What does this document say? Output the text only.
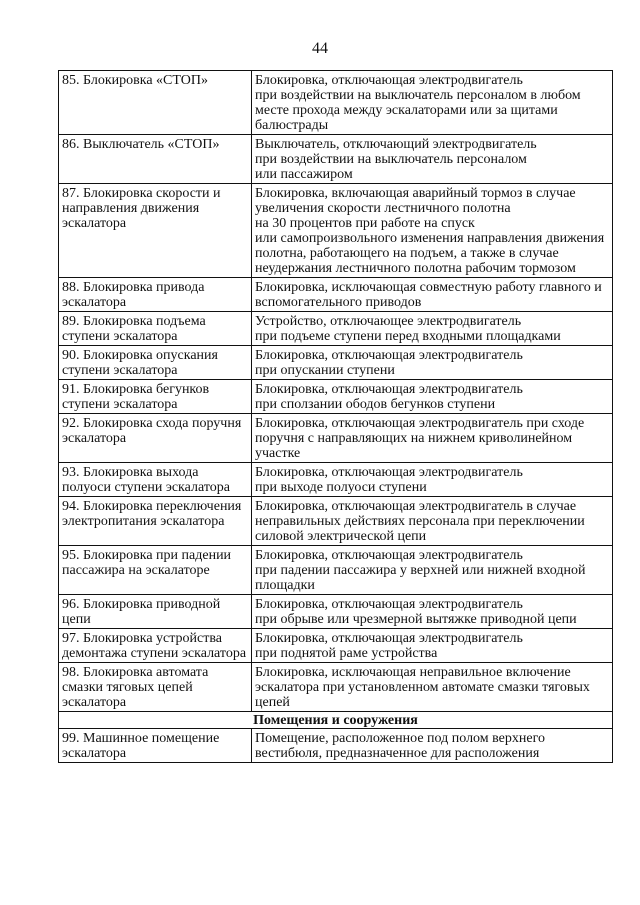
44
85. Блокировка «СТОП»	Блокировка, отключающая электродвигатель
при воздействии на выключатель персоналом в любом месте прохода между эскалаторами или за щитами балюстрады
86. Выключатель «СТОП»	Выключатель, отключающий электродвигатель
при воздействии на выключатель персоналом
или пассажиром
87. Блокировка скорости и направления движения эскалатора	Блокировка, включающая аварийный тормоз в случае увеличения скорости лестничного полотна
на 30 процентов при работе на спуск
или самопроизвольного изменения направления движения полотна, работающего на подъем, а также в случае неудержания лестничного полотна рабочим тормозом
88. Блокировка привода эскалатора	Блокировка, исключающая совместную работу главного и вспомогательного приводов
89. Блокировка подъема ступени эскалатора	Устройство, отключающее электродвигатель
при подъеме ступени перед входными площадками
90. Блокировка опускания ступени эскалатора	Блокировка, отключающая электродвигатель
при опускании ступени
91. Блокировка бегунков ступени эскалатора	Блокировка, отключающая электродвигатель
при сползании ободов бегунков ступени
92. Блокировка схода поручня эскалатора	Блокировка, отключающая электродвигатель при сходе поручня с направляющих на нижнем криволинейном участке
93. Блокировка выхода полуоси ступени эскалатора	Блокировка, отключающая электродвигатель
при выходе полуоси ступени
94. Блокировка переключения электропитания эскалатора	Блокировка, отключающая электродвигатель в случае неправильных действиях персонала при переключении силовой электрической цепи
95. Блокировка при падении пассажира на эскалаторе	Блокировка, отключающая электродвигатель
при падении пассажира у верхней или нижней входной площадки
96. Блокировка приводной цепи	Блокировка, отключающая электродвигатель
при обрыве или чрезмерной вытяжке приводной цепи
97. Блокировка устройства демонтажа ступени эскалатора	Блокировка, отключающая электродвигатель
при поднятой раме устройства
98. Блокировка автомата смазки тяговых цепей эскалатора	Блокировка, исключающая неправильное включение эскалатора при установленном автомате смазки тяговых цепей
Помещения и сооружения	

99. Машинное помещение эскалатора	Помещение, расположенное под полом верхнего вестибюля, предназначенное для расположения
